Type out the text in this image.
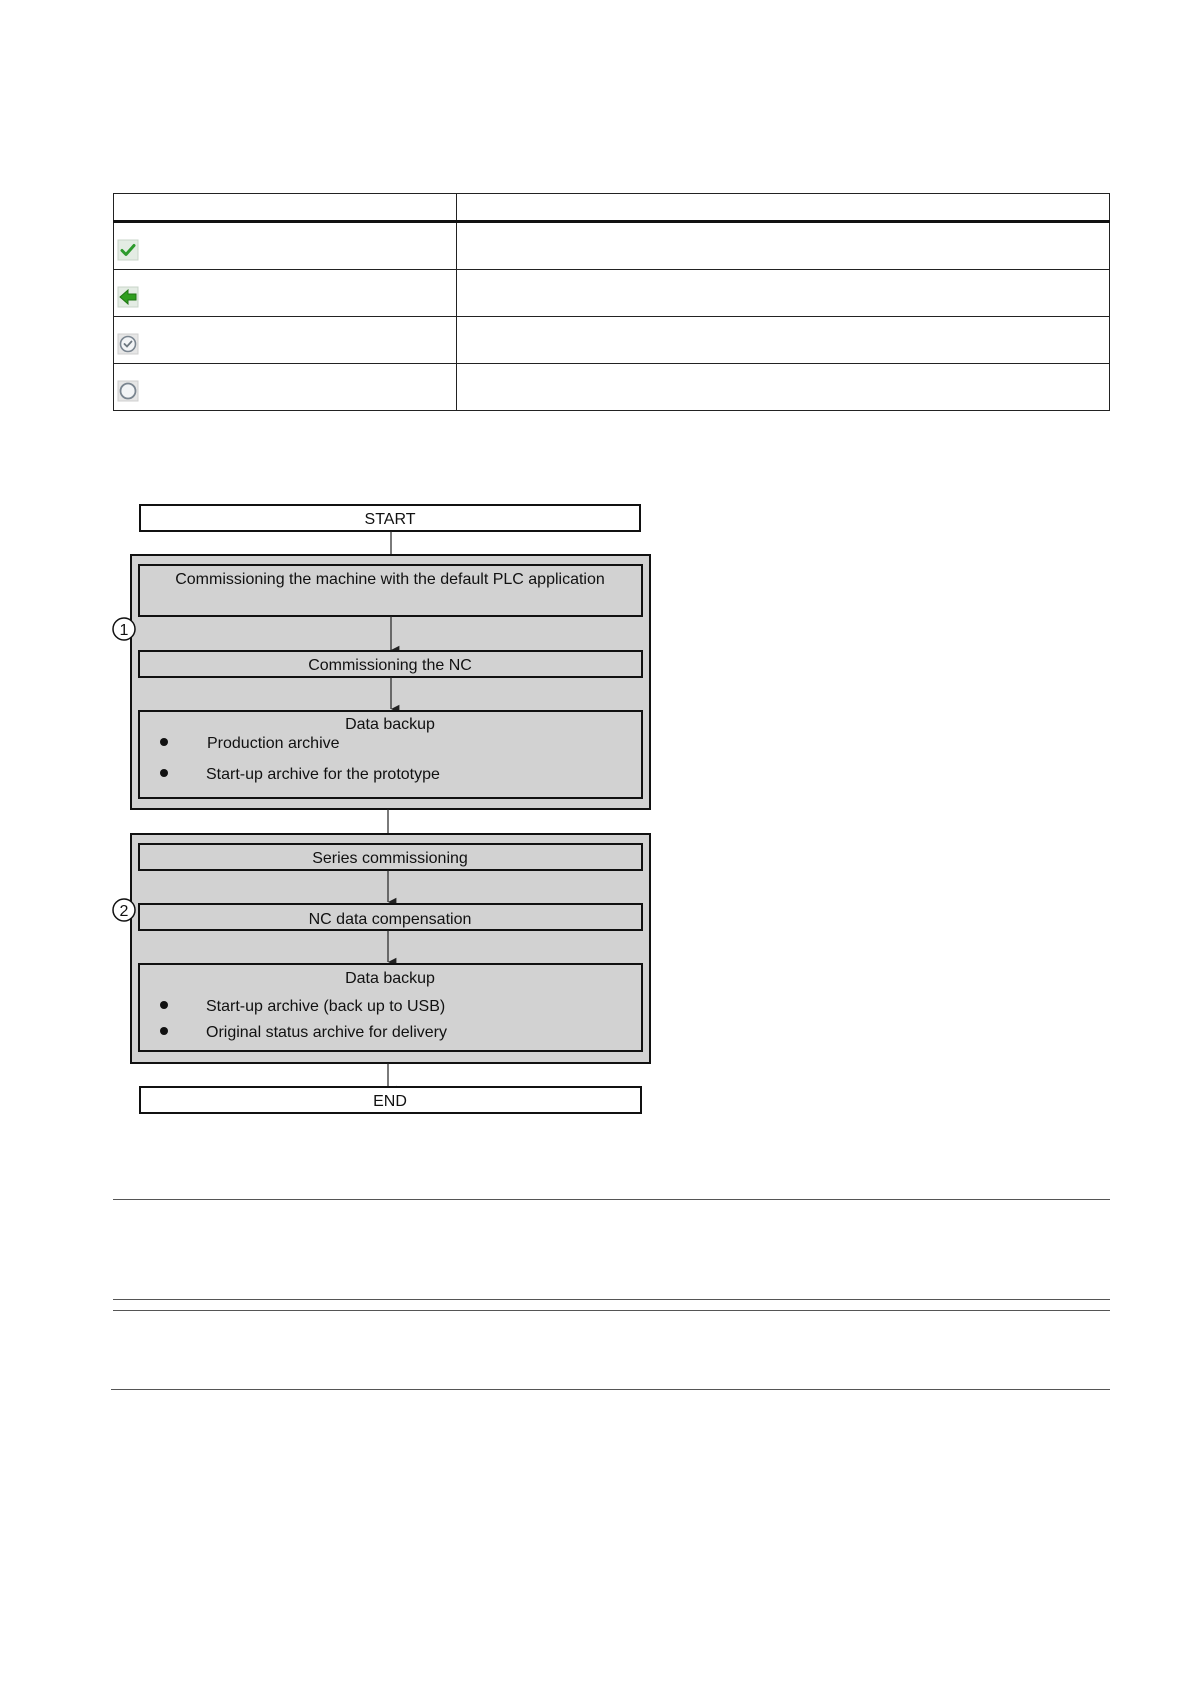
START
Commissioning the machine with the default PLC application
Commissioning the NC
Data backup
Production archive
Start-up archive for the prototype
1
Series commissioning
NC data compensation
Data backup
Start-up archive (back up to USB)
Original status archive for delivery
2
END
